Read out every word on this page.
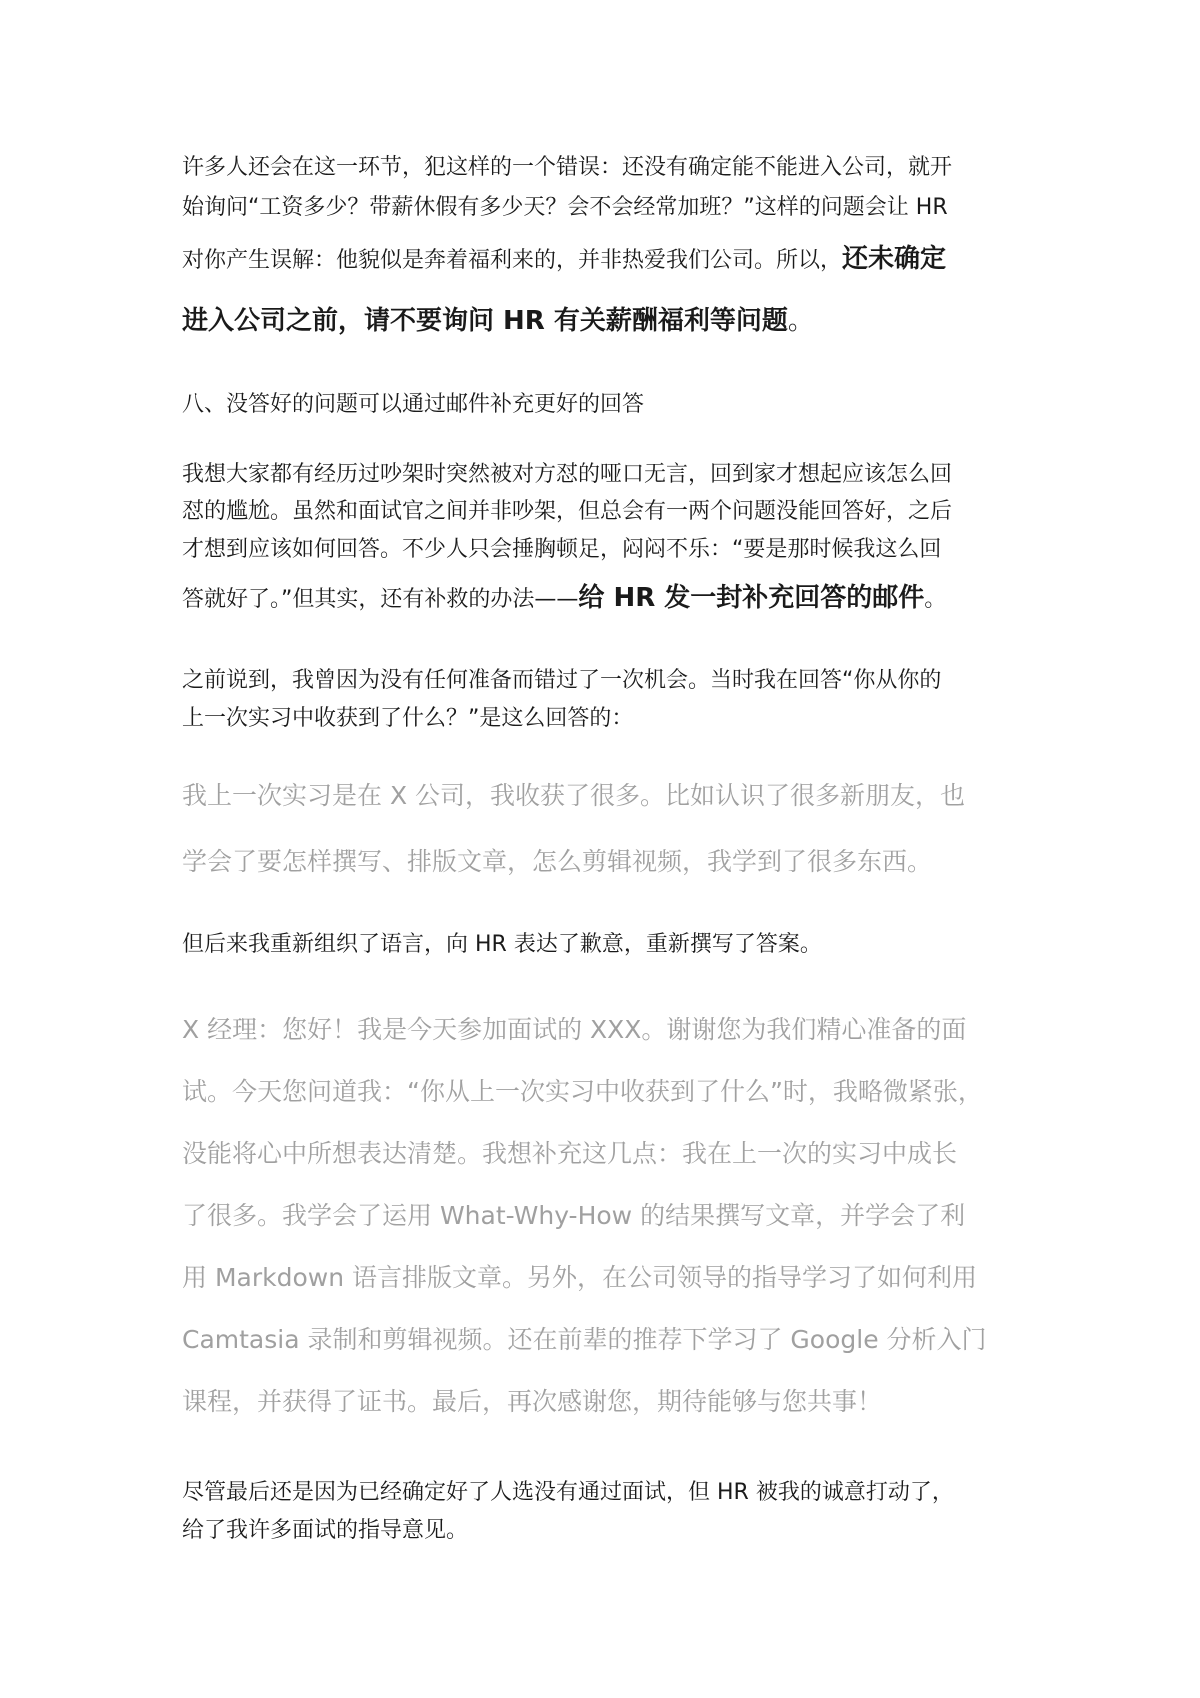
许多人还会在这一环节，犯这样的一个错误：还没有确定能不能进入公司，就开
始询问“工资多少？带薪休假有多少天？会不会经常加班？”这样的问题会让 HR
对你产生误解：他貌似是奔着福利来的，并非热爱我们公司。所以，还未确定
进入公司之前，请不要询问 HR 有关薪酬福利等问题。
八、没答好的问题可以通过邮件补充更好的回答
我想大家都有经历过吵架时突然被对方怼的哑口无言，回到家才想起应该怎么回
怼的尴尬。虽然和面试官之间并非吵架，但总会有一两个问题没能回答好，之后
才想到应该如何回答。不少人只会捶胸顿足，闷闷不乐：“要是那时候我这么回
答就好了。”但其实，还有补救的办法——给 HR 发一封补充回答的邮件。
之前说到，我曾因为没有任何准备而错过了一次机会。当时我在回答“你从你的
上一次实习中收获到了什么？”是这么回答的：
我上一次实习是在 X 公司，我收获了很多。比如认识了很多新朋友，也
学会了要怎样撰写、排版文章，怎么剪辑视频，我学到了很多东西。
但后来我重新组织了语言，向 HR 表达了歉意，重新撰写了答案。
X 经理：您好！我是今天参加面试的 XXX。谢谢您为我们精心准备的面
试。今天您问道我：“你从上一次实习中收获到了什么”时，我略微紧张，
没能将心中所想表达清楚。我想补充这几点：我在上一次的实习中成长
了很多。我学会了运用 What-Why-How 的结果撰写文章，并学会了利
用 Markdown 语言排版文章。另外，在公司领导的指导学习了如何利用
Camtasia 录制和剪辑视频。还在前辈的推荐下学习了 Google 分析入门
课程，并获得了证书。最后，再次感谢您，期待能够与您共事！
尽管最后还是因为已经确定好了人选没有通过面试，但 HR 被我的诚意打动了，
给了我许多面试的指导意见。
